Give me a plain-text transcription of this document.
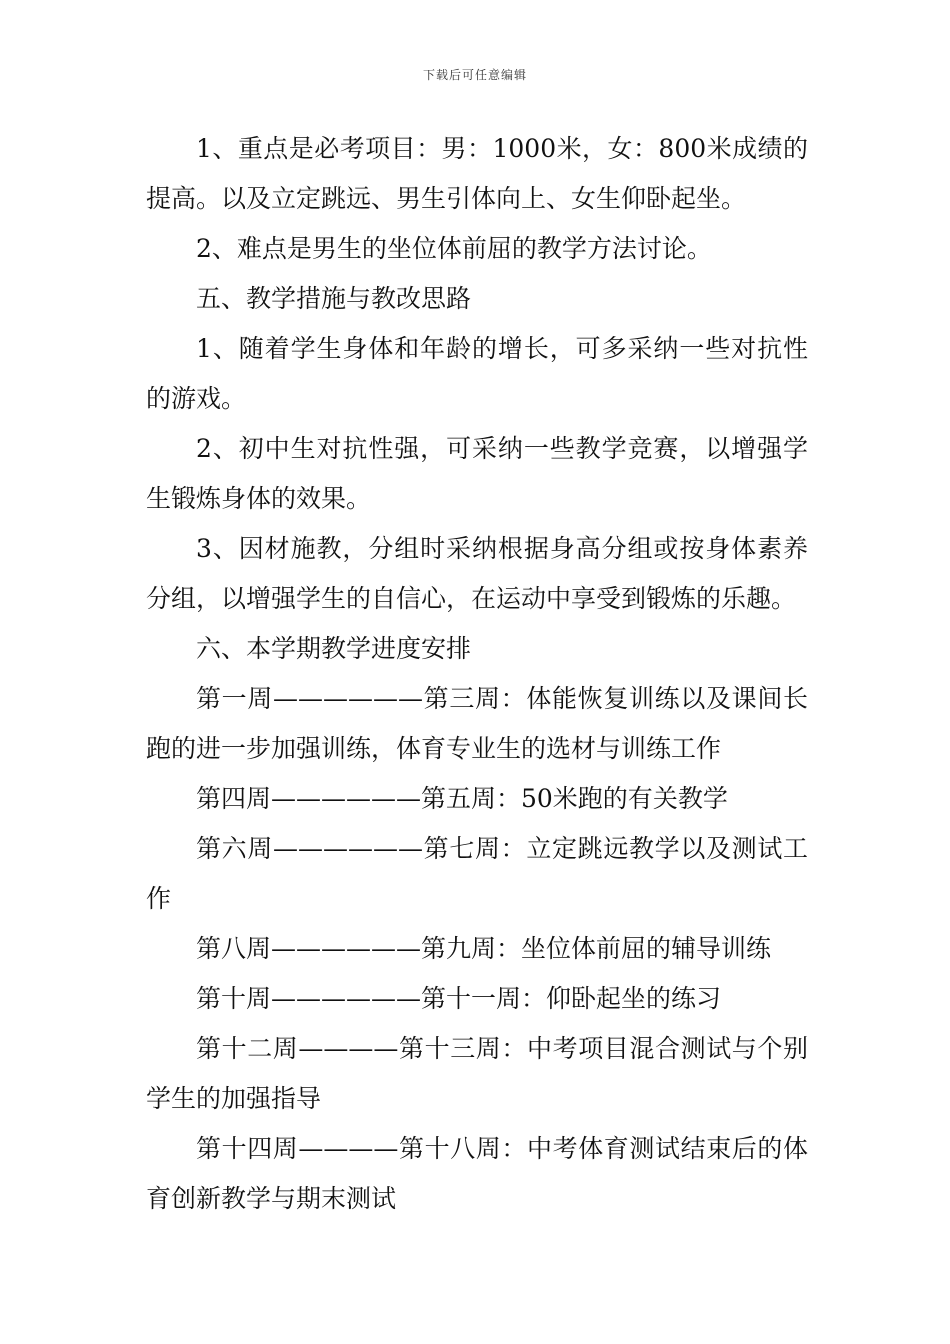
下载后可任意编辑

1、重点是必考项目：男：1000米，女：800米成绩的提高。以及立定跳远、男生引体向上、女生仰卧起坐。

2、难点是男生的坐位体前屈的教学方法讨论。

五、教学措施与教改思路

1、随着学生身体和年龄的增长，可多采纳一些对抗性的游戏。

2、初中生对抗性强，可采纳一些教学竞赛，以增强学生锻炼身体的效果。

3、因材施教，分组时采纳根据身高分组或按身体素养分组，以增强学生的自信心，在运动中享受到锻炼的乐趣。

六、本学期教学进度安排

第一周——————第三周：体能恢复训练以及课间长跑的进一步加强训练，体育专业生的选材与训练工作

第四周——————第五周：50米跑的有关教学

第六周——————第七周：立定跳远教学以及测试工作

第八周——————第九周：坐位体前屈的辅导训练

第十周——————第十一周：仰卧起坐的练习

第十二周————第十三周：中考项目混合测试与个别学生的加强指导

第十四周————第十八周：中考体育测试结束后的体育创新教学与期末测试
